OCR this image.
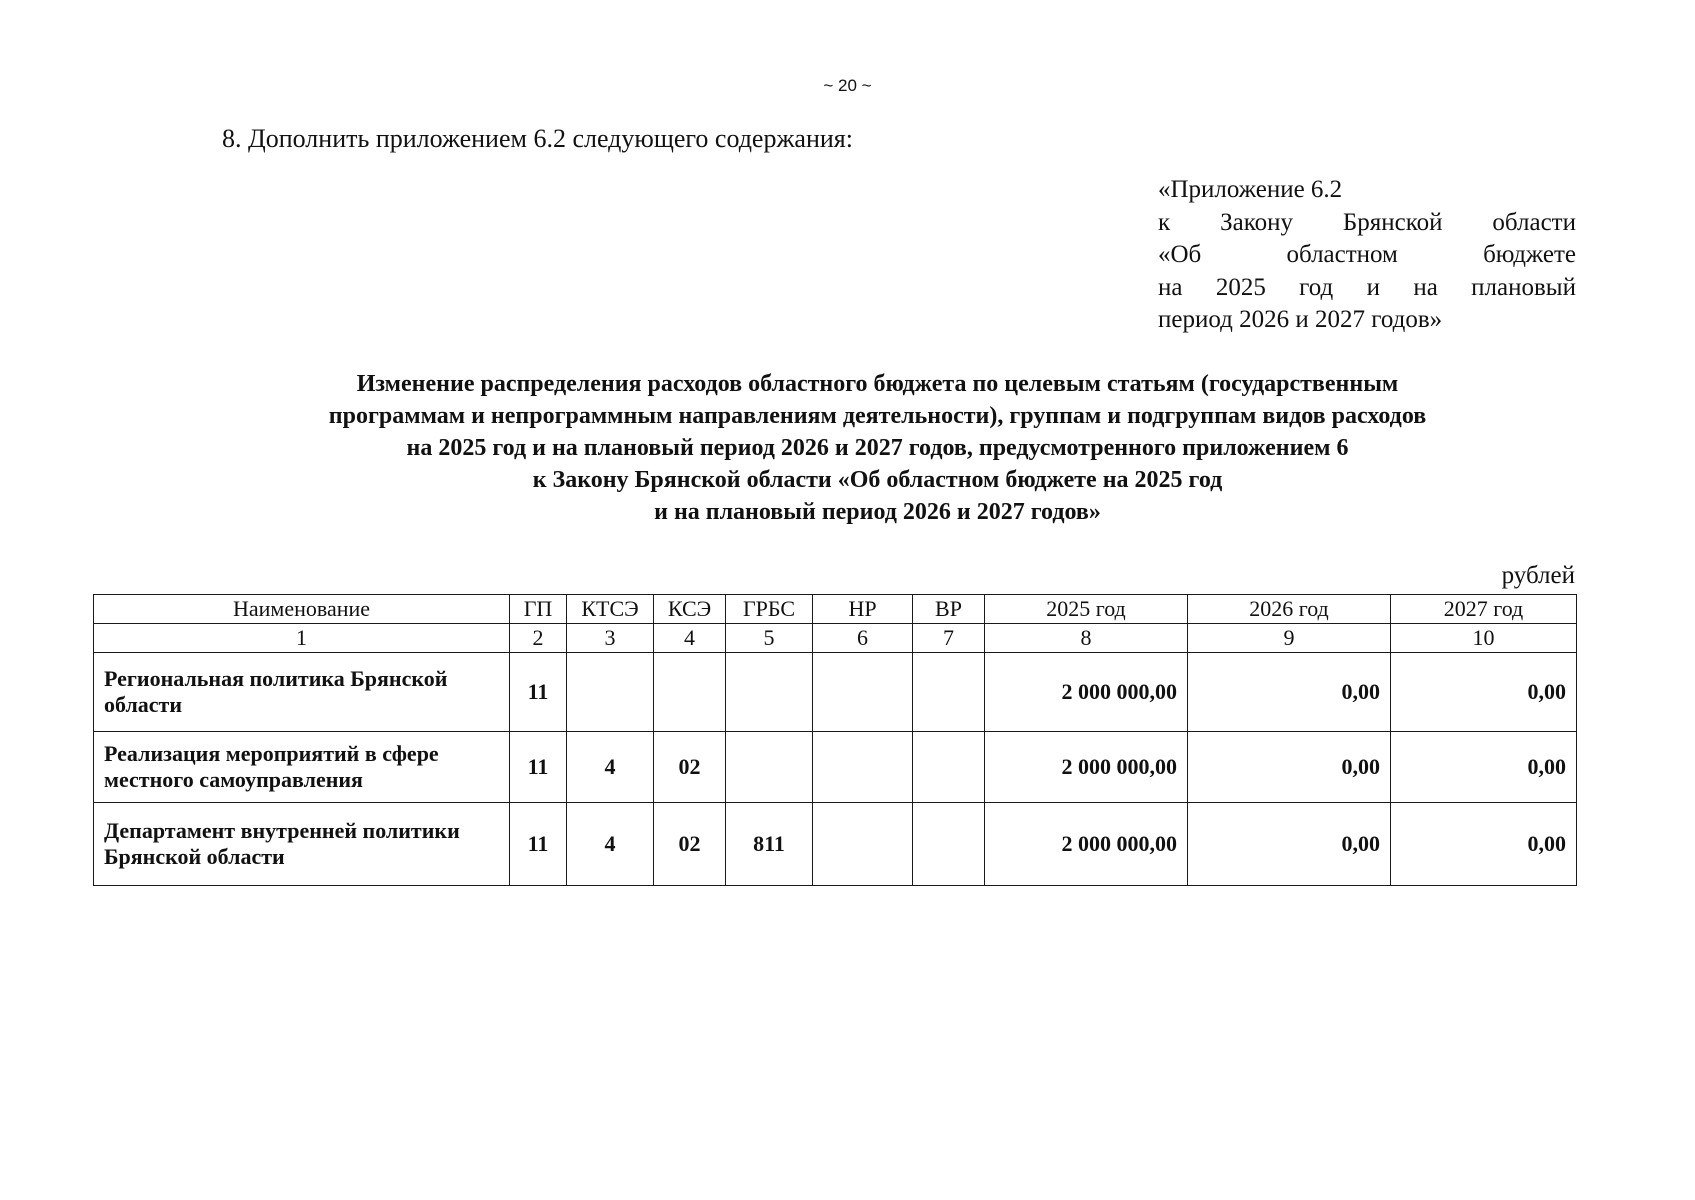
~ 20 ~
8. Дополнить приложением 6.2 следующего содержания:
«Приложение 6.2
к Закону Брянской области
«Об	областном	бюджете
на 2025 год и на плановый
период 2026 и 2027 годов»
Изменение распределения расходов областного бюджета по целевым статьям (государственным
программам и непрограммным направлениям деятельности), группам и подгруппам видов расходов
на 2025 год и на плановый период 2026 и 2027 годов, предусмотренного приложением 6
к Закону Брянской области «Об областном бюджете на 2025 год
и на плановый период 2026 и 2027 годов»
рублей
Наименование	ГП	КТСЭ	КСЭ	ГРБС	НР	ВР	2025 год	2026 год	2027 год
1	2	3	4	5	6	7	8	9	10

Региональная политика Брянской
области	11						2 000 000,00	0,00	0,00

Реализация мероприятий в сфере
местного самоуправления	11	4	02				2 000 000,00	0,00	0,00

Департамент внутренней политики
Брянской области	11	4	02	811			2 000 000,00	0,00	0,00
